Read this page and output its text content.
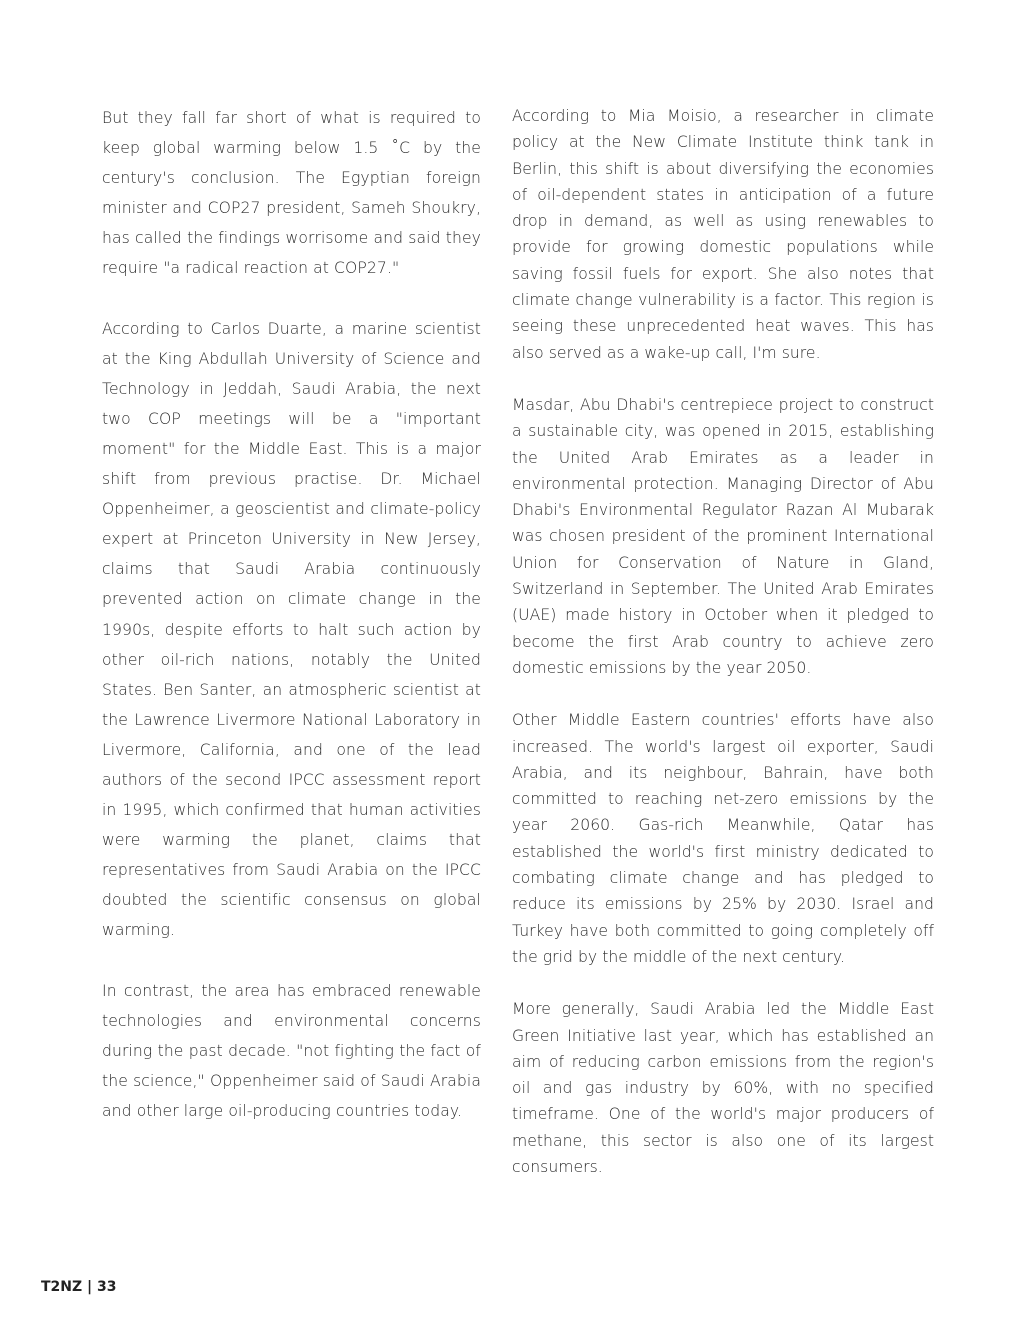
But they fall far short of what is required to keep global warming below 1.5 ˚C by the century's conclusion. The Egyptian foreign minister and COP27 president, Sameh Shoukry, has called the findings worrisome and said they require "a radical reaction at COP27."

According to Carlos Duarte, a marine scientist at the King Abdullah University of Science and Technology in Jeddah, Saudi Arabia, the next two COP meetings will be a "important moment" for the Middle East. This is a major shift from previous practise. Dr. Michael Oppenheimer, a geoscientist and climate-policy expert at Princeton University in New Jersey, claims that Saudi Arabia continuously prevented action on climate change in the 1990s, despite efforts to halt such action by other oil-rich nations, notably the United States. Ben Santer, an atmospheric scientist at the Lawrence Livermore National Laboratory in Livermore, California, and one of the lead authors of the second IPCC assessment report in 1995, which confirmed that human activities were warming the planet, claims that representatives from Saudi Arabia on the IPCC doubted the scientific consensus on global warming.

In contrast, the area has embraced renewable technologies and environmental concerns during the past decade. "not fighting the fact of the science," Oppenheimer said of Saudi Arabia and other large oil-producing countries today.

According to Mia Moisio, a researcher in climate policy at the New Climate Institute think tank in Berlin, this shift is about diversifying the economies of oil-dependent states in anticipation of a future drop in demand, as well as using renewables to provide for growing domestic populations while saving fossil fuels for export. She also notes that climate change vulnerability is a factor. This region is seeing these unprecedented heat waves. This has also served as a wake-up call, I'm sure.

Masdar, Abu Dhabi's centrepiece project to construct a sustainable city, was opened in 2015, establishing the United Arab Emirates as a leader in environmental protection. Managing Director of Abu Dhabi's Environmental Regulator Razan Al Mubarak was chosen president of the prominent International Union for Conservation of Nature in Gland, Switzerland in September. The United Arab Emirates (UAE) made history in October when it pledged to become the first Arab country to achieve zero domestic emissions by the year 2050.

Other Middle Eastern countries' efforts have also increased. The world's largest oil exporter, Saudi Arabia, and its neighbour, Bahrain, have both committed to reaching net-zero emissions by the year 2060. Gas-rich Meanwhile, Qatar has established the world's first ministry dedicated to combating climate change and has pledged to reduce its emissions by 25% by 2030. Israel and Turkey have both committed to going completely off the grid by the middle of the next century.

More generally, Saudi Arabia led the Middle East Green Initiative last year, which has established an aim of reducing carbon emissions from the region's oil and gas industry by 60%, with no specified timeframe. One of the world's major producers of methane, this sector is also one of its largest consumers.

T2NZ | 33
